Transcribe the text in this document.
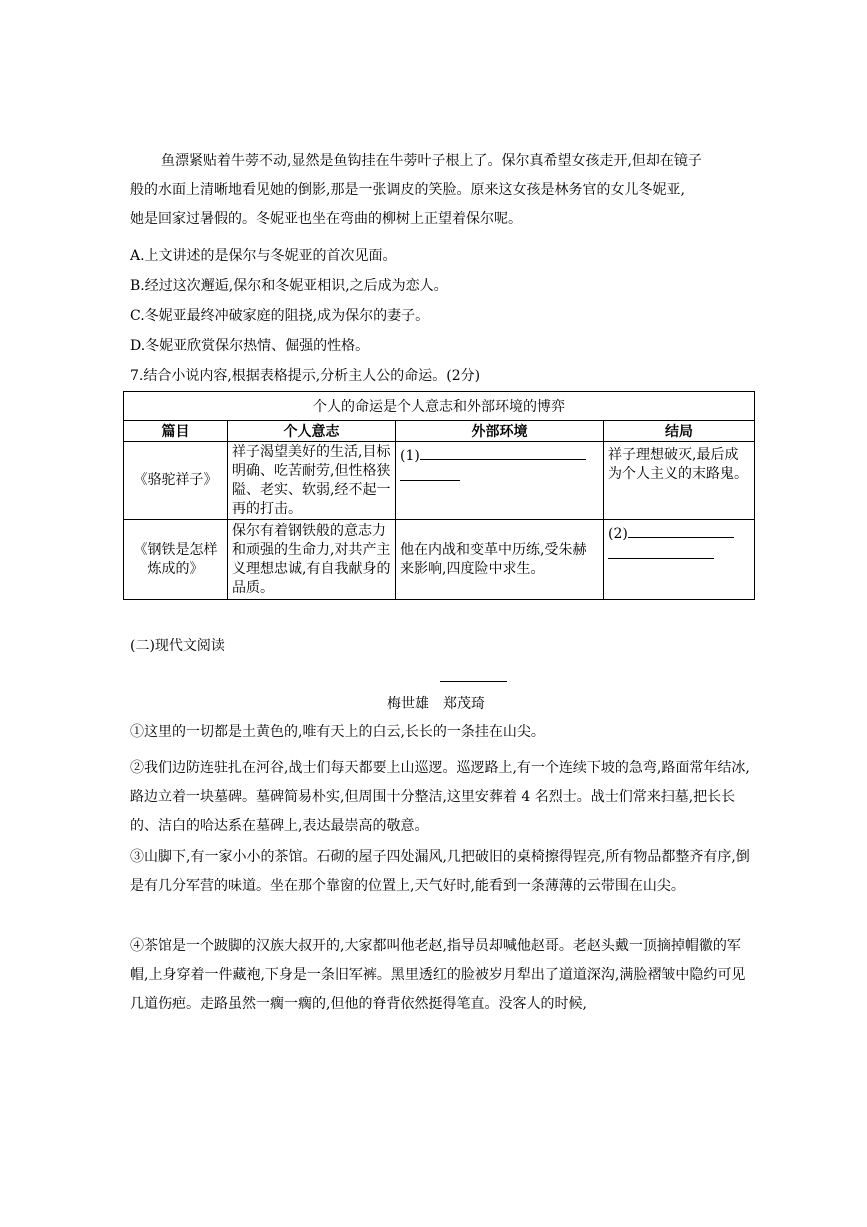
鱼漂紧贴着牛蒡不动,显然是鱼钩挂在牛蒡叶子根上了。保尔真希望女孩走开,但却在镜子
般的水面上清晰地看见她的倒影,那是一张调皮的笑脸。原来这女孩是林务官的女儿冬妮亚,
她是回家过暑假的。冬妮亚也坐在弯曲的柳树上正望着保尔呢。
A.上文讲述的是保尔与冬妮亚的首次见面。
B.经过这次邂逅,保尔和冬妮亚相识,之后成为恋人。
C.冬妮亚最终冲破家庭的阻挠,成为保尔的妻子。
D.冬妮亚欣赏保尔热情、倔强的性格。
7.结合小说内容,根据表格提示,分析主人公的命运。(2分)
个人的命运是个人意志和外部环境的博弈			
篇目	个人意志	外部环境	结局
《骆驼祥子》	祥子渴望美好的生活,目标明确、吃苦耐劳,但性格狭隘、老实、软弱,经不起一再的打击。	(1)	祥子理想破灭,最后成为个人主义的末路鬼。
《钢铁是怎样炼成的》	保尔有着钢铁般的意志力和顽强的生命力,对共产主义理想忠诚,有自我献身的品质。	他在内战和变革中历练,受朱赫来影响,四度险中求生。	(2)
(二)现代文阅读
梅世雄　郑茂琦

①这里的一切都是土黄色的,唯有天上的白云,长长的一条挂在山尖。

②我们边防连驻扎在河谷,战士们每天都要上山巡逻。巡逻路上,有一个连续下坡的急弯,路面常年结冰,路边立着一块墓碑。墓碑简易朴实,但周围十分整洁,这里安葬着 4 名烈士。战士们常来扫墓,把长长的、洁白的哈达系在墓碑上,表达最崇高的敬意。

③山脚下,有一家小小的茶馆。石砌的屋子四处漏风,几把破旧的桌椅擦得锃亮,所有物品都整齐有序,倒是有几分军营的味道。坐在那个靠窗的位置上,天气好时,能看到一条薄薄的云带围在山尖。

④茶馆是一个跛脚的汉族大叔开的,大家都叫他老赵,指导员却喊他赵哥。老赵头戴一顶摘掉帽徽的军帽,上身穿着一件藏袍,下身是一条旧军裤。黑里透红的脸被岁月犁出了道道深沟,满脸褶皱中隐约可见几道伤疤。走路虽然一瘸一瘸的,但他的脊背依然挺得笔直。没客人的时候,
